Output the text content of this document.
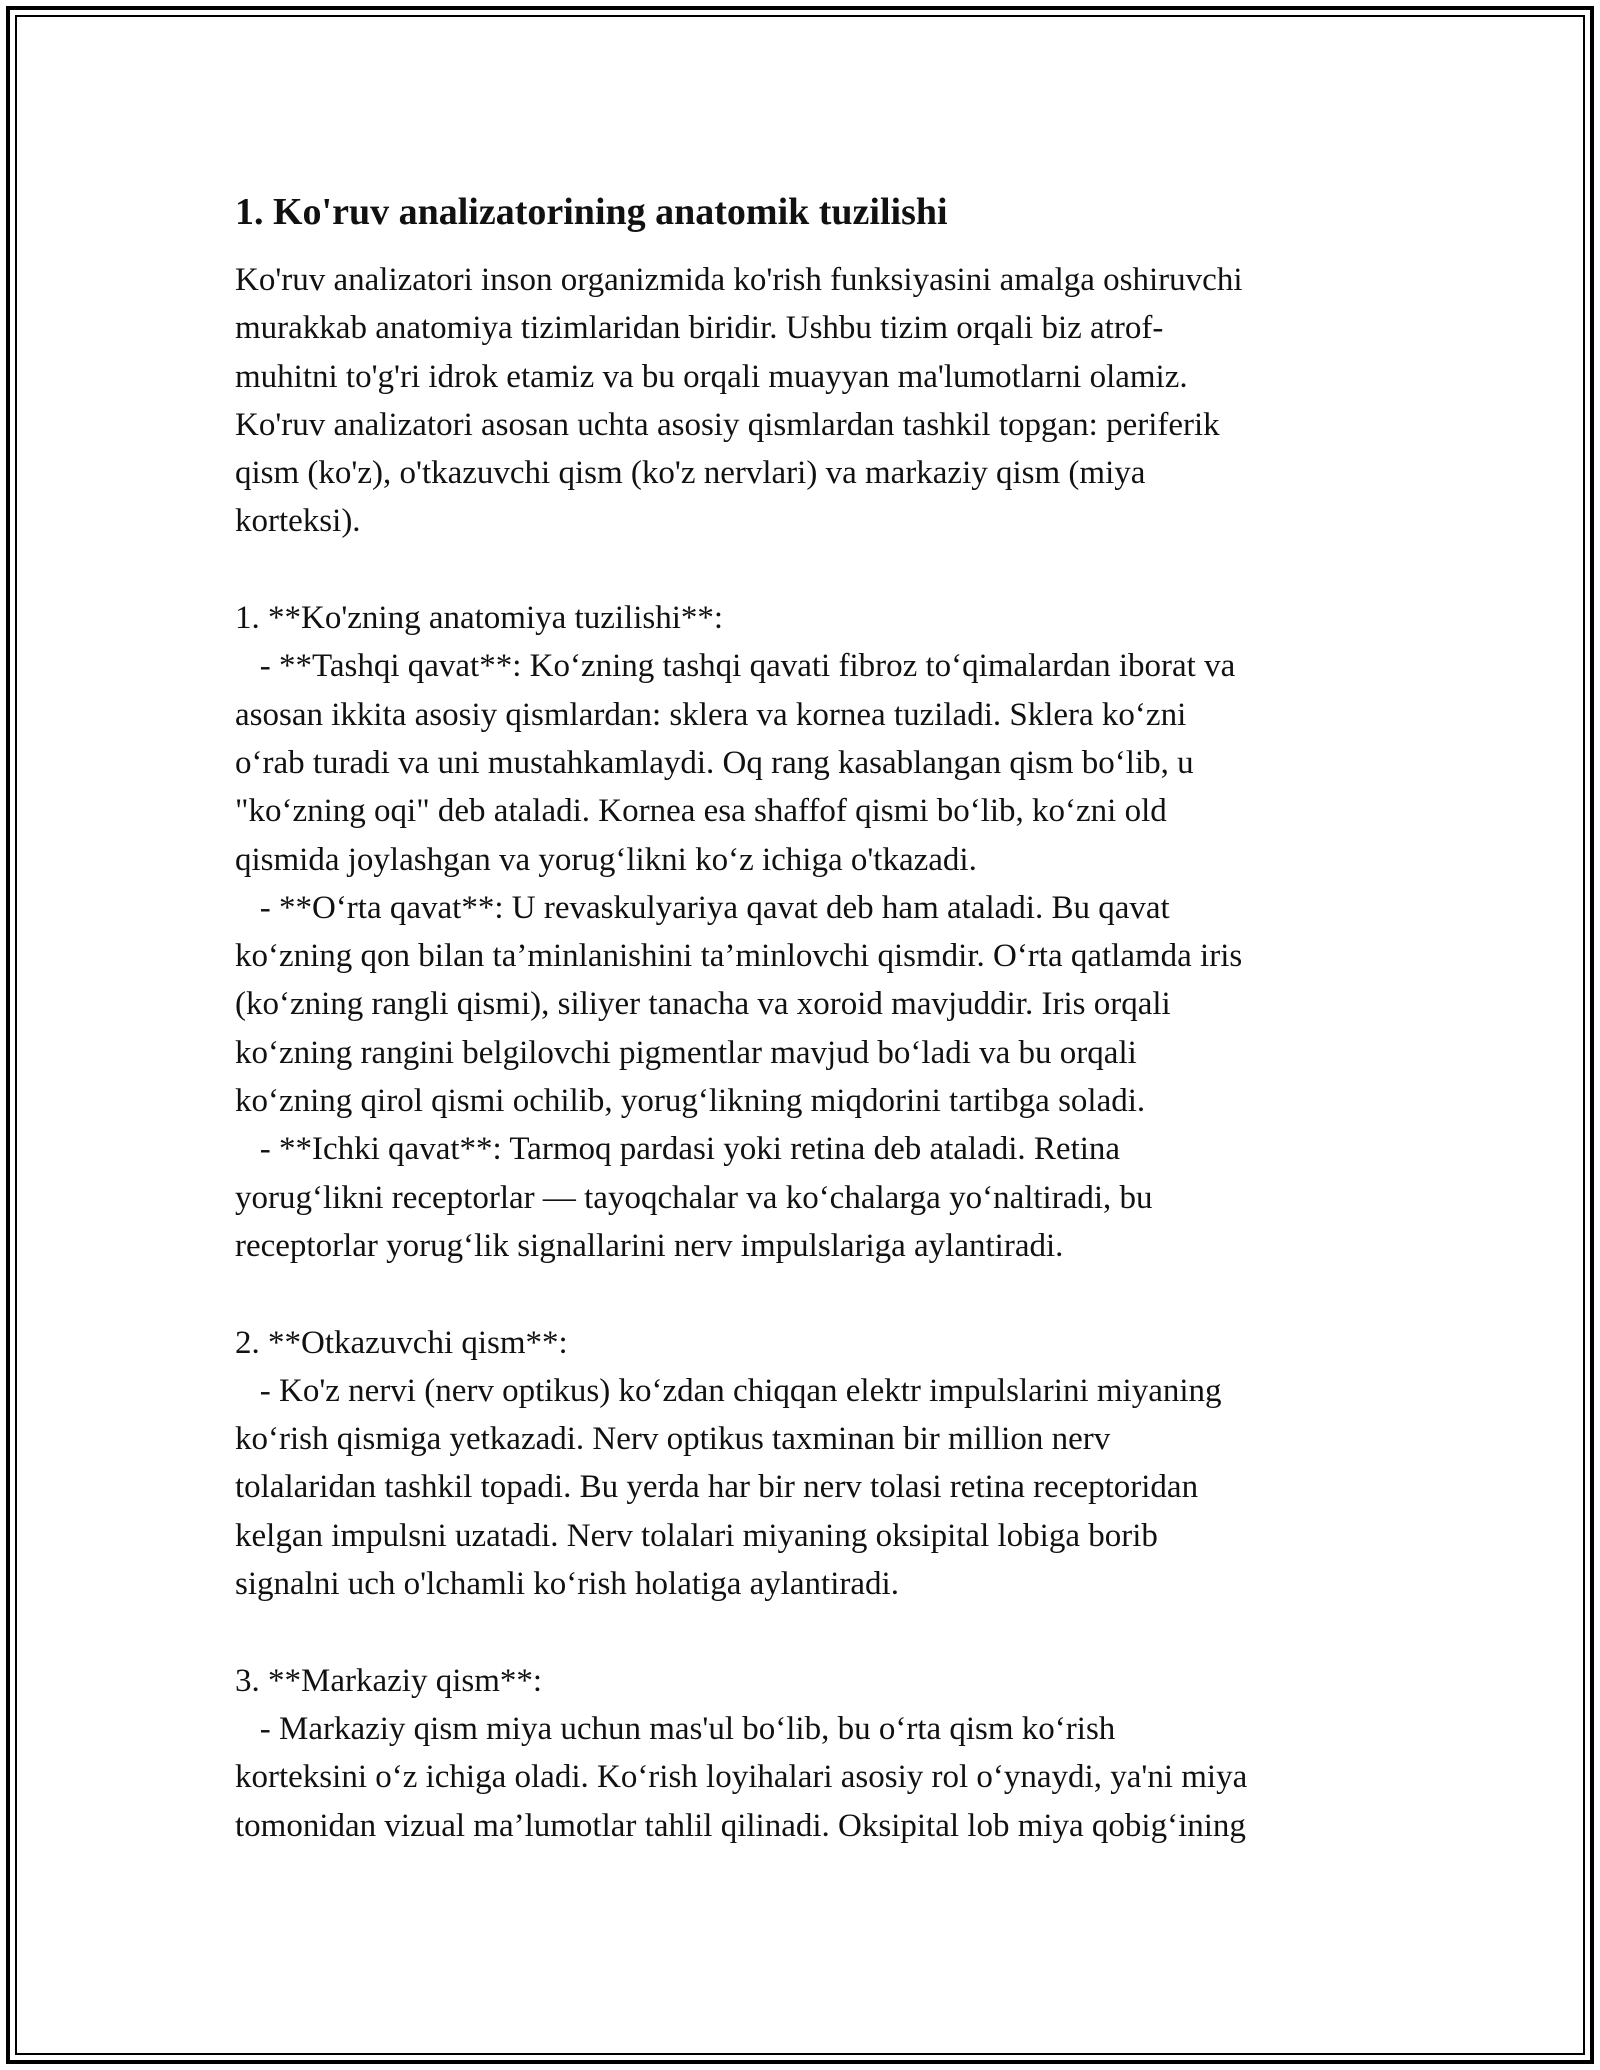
1. Ko'ruv analizatorining anatomik tuzilishi
Ko'ruv analizatori inson organizmida ko'rish funksiyasini amalga oshiruvchi
murakkab anatomiya tizimlaridan biridir. Ushbu tizim orqali biz atrof-
muhitni to'g'ri idrok etamiz va bu orqali muayyan ma'lumotlarni olamiz.
Ko'ruv analizatori asosan uchta asosiy qismlardan tashkil topgan: periferik
qism (ko'z), o'tkazuvchi qism (ko'z nervlari) va markaziy qism (miya
korteksi).
1. **Ko'zning anatomiya tuzilishi**:
- **Tashqi qavat**: Ko‘zning tashqi qavati fibroz to‘qimalardan iborat va
asosan ikkita asosiy qismlardan: sklera va kornea tuziladi. Sklera ko‘zni
o‘rab turadi va uni mustahkamlaydi. Oq rang kasablangan qism bo‘lib, u
"ko‘zning oqi" deb ataladi. Kornea esa shaffof qismi bo‘lib, ko‘zni old
qismida joylashgan va yorug‘likni ko‘z ichiga o'tkazadi.
- **O‘rta qavat**: U revaskulyariya qavat deb ham ataladi. Bu qavat
ko‘zning qon bilan ta’minlanishini ta’minlovchi qismdir. O‘rta qatlamda iris
(ko‘zning rangli qismi), siliyer tanacha va xoroid mavjuddir. Iris orqali
ko‘zning rangini belgilovchi pigmentlar mavjud bo‘ladi va bu orqali
ko‘zning qirol qismi ochilib, yorug‘likning miqdorini tartibga soladi.
- **Ichki qavat**: Tarmoq pardasi yoki retina deb ataladi. Retina
yorug‘likni receptorlar — tayoqchalar va ko‘chalarga yo‘naltiradi, bu
receptorlar yorug‘lik signallarini nerv impulslariga aylantiradi.
2. **Otkazuvchi qism**:
- Ko'z nervi (nerv optikus) ko‘zdan chiqqan elektr impulslarini miyaning
ko‘rish qismiga yetkazadi. Nerv optikus taxminan bir million nerv
tolalaridan tashkil topadi. Bu yerda har bir nerv tolasi retina receptoridan
kelgan impulsni uzatadi. Nerv tolalari miyaning oksipital lobiga borib
signalni uch o'lchamli ko‘rish holatiga aylantiradi.
3. **Markaziy qism**:
- Markaziy qism miya uchun mas'ul bo‘lib, bu o‘rta qism ko‘rish
korteksini o‘z ichiga oladi. Ko‘rish loyihalari asosiy rol o‘ynaydi, ya'ni miya
tomonidan vizual ma’lumotlar tahlil qilinadi. Oksipital lob miya qobig‘ining
